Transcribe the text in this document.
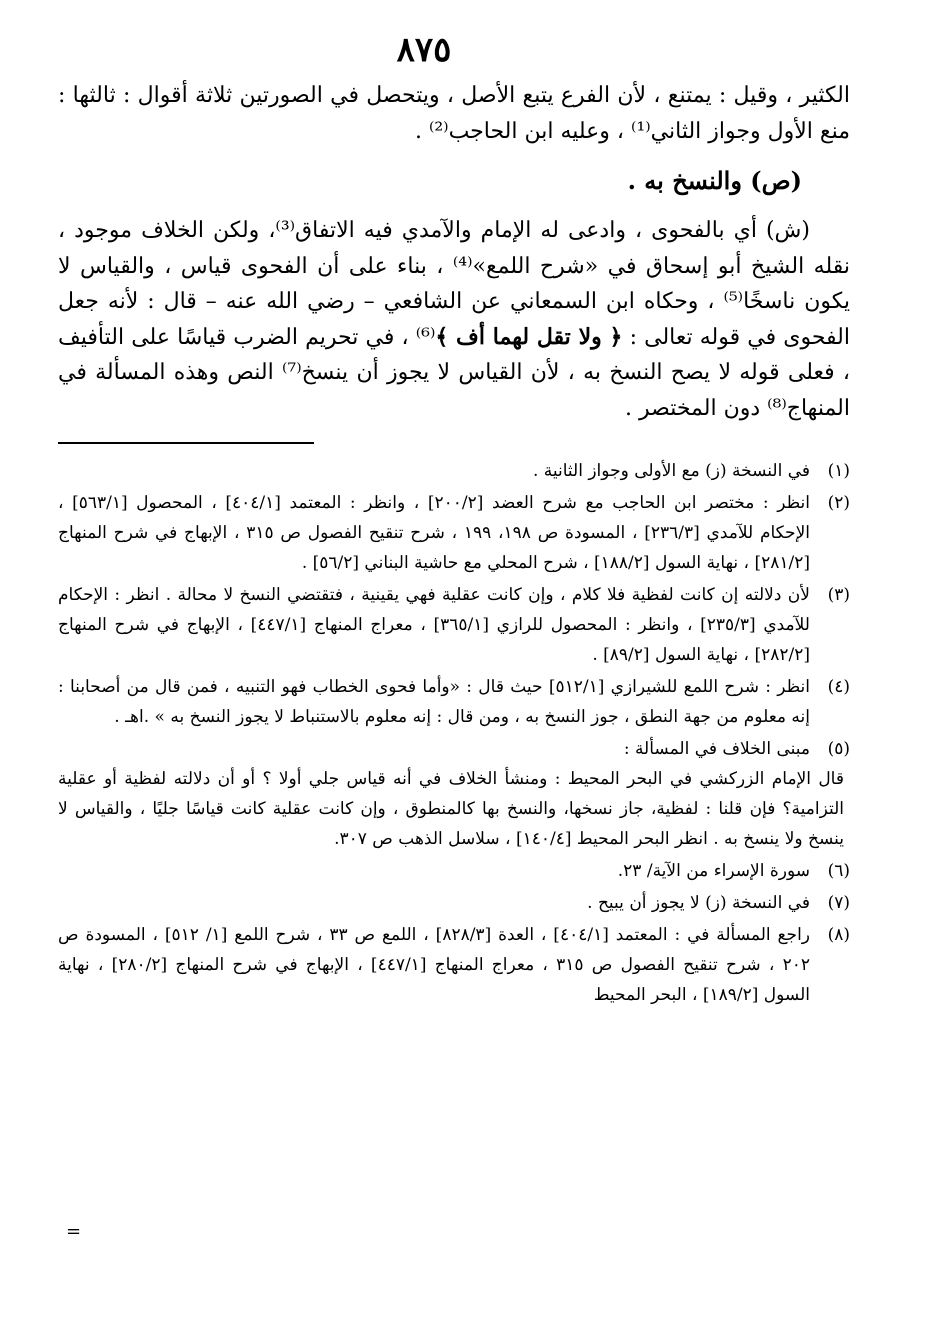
٨٧٥

الكثير ، وقيل : يمتنع ، لأن الفرع يتبع الأصل ، ويتحصل في الصورتين ثلاثة أقوال : ثالثها : منع الأول وجواز الثاني⁽¹⁾ ، وعليه ابن الحاجب⁽²⁾ .

(ص) والنسخ به .

(ش) أي بالفحوى ، وادعى له الإمام والآمدي فيه الاتفاق⁽³⁾، ولكن الخلاف موجود ، نقله الشيخ أبو إسحاق في «شرح اللمع»⁽⁴⁾ ، بناء على أن الفحوى قياس ، والقياس لا يكون ناسخًا⁽⁵⁾ ، وحكاه ابن السمعاني عن الشافعي – رضي الله عنه – قال : لأنه جعل الفحوى في قوله تعالى : ﴿ ولا تقل لهما أف ﴾⁽⁶⁾ ، في تحريم الضرب قياسًا على التأفيف ، فعلى قوله لا يصح النسخ به ، لأن القياس لا يجوز أن ينسخ⁽⁷⁾ النص وهذه المسألة في المنهاج⁽⁸⁾ دون المختصر .

(١)
في النسخة (ز) مع الأولى وجواز الثانية .
(٢)
انظر : مختصر ابن الحاجب مع شرح العضد [٢٠٠/٢] ، وانظر : المعتمد [٤٠٤/١] ، المحصول [٥٦٣/١] ، الإحكام للآمدي [٢٣٦/٣] ، المسودة ص ١٩٨، ١٩٩ ، شرح تنقيح الفصول ص ٣١٥ ، الإبهاج في شرح المنهاج [٢٨١/٢] ، نهاية السول [١٨٨/٢] ، شرح المحلي مع حاشية البناني [٥٦/٢] .
(٣)
لأن دلالته إن كانت لفظية فلا كلام ، وإن كانت عقلية فهي يقينية ، فتقتضي النسخ لا محالة . انظر : الإحكام للآمدي [٢٣٥/٣] ، وانظر : المحصول للرازي [٣٦٥/١] ، معراج المنهاج [٤٤٧/١] ، الإبهاج في شرح المنهاج [٢٨٢/٢] ، نهاية السول [٨٩/٢] .
(٤)
انظر : شرح اللمع للشيرازي [٥١٢/١] حيث قال : «وأما فحوى الخطاب فهو التنبيه ، فمن قال من أصحابنا : إنه معلوم من جهة النطق ، جوز النسخ به ، ومن قال : إنه معلوم بالاستنباط لا يجوز النسخ به » .اهـ .
(٥)
مبنى الخلاف في المسألة :
قال الإمام الزركشي في البحر المحيط : ومنشأ الخلاف في أنه قياس جلي أولا ؟ أو أن دلالته لفظية أو عقلية التزامية؟ فإن قلنا : لفظية، جاز نسخها، والنسخ بها كالمنطوق ، وإن كانت عقلية كانت قياسًا جليًا ، والقياس لا ينسخ ولا ينسخ به . انظر البحر المحيط [١٤٠/٤] ، سلاسل الذهب ص ٣٠٧.
(٦)
سورة الإسراء من الآية/ ٢٣.
(٧)
في النسخة (ز) لا يجوز أن يبيح .
(٨)
راجع المسألة في : المعتمد [٤٠٤/١] ، العدة [٨٢٨/٣] ، اللمع ص ٣٣ ، شرح اللمع [١/ ٥١٢] ، المسودة ص ٢٠٢ ، شرح تنقيح الفصول ص ٣١٥ ، معراج المنهاج [٤٤٧/١] ، الإبهاج في شرح المنهاج [٢٨٠/٢] ، نهاية السول [١٨٩/٢] ، البحر المحيط
=
